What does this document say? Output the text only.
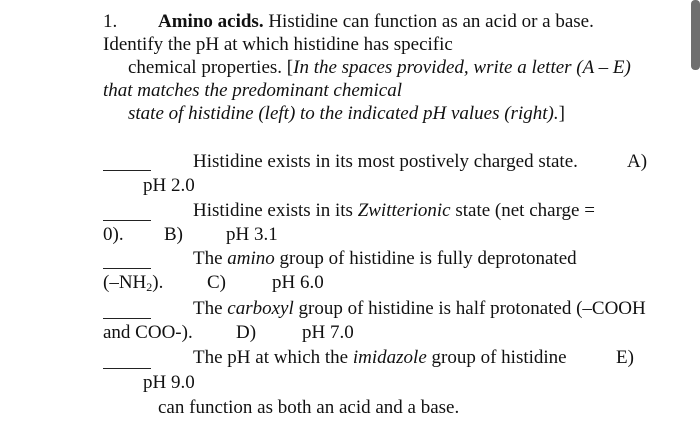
1. Amino acids. Histidine can function as an acid or a base.
Identify the pH at which histidine has specific
chemical properties. [In the spaces provided, write a letter (A – E)
that matches the predominant chemical
state of histidine (left) to the indicated pH values (right).]
Histidine exists in its most postively charged state.	A)
pH 2.0
Histidine exists in its Zwitterionic state (net charge =
0). B) pH 3.1
The amino group of histidine is fully deprotonated
$(-NH_2)$. C) pH 6.0
The carboxyl group of histidine is half protonated (–COOH
and COO-). D) pH 7.0
The pH at which the imidazole group of histidine	E)
pH 9.0
can function as both an acid and a base.
